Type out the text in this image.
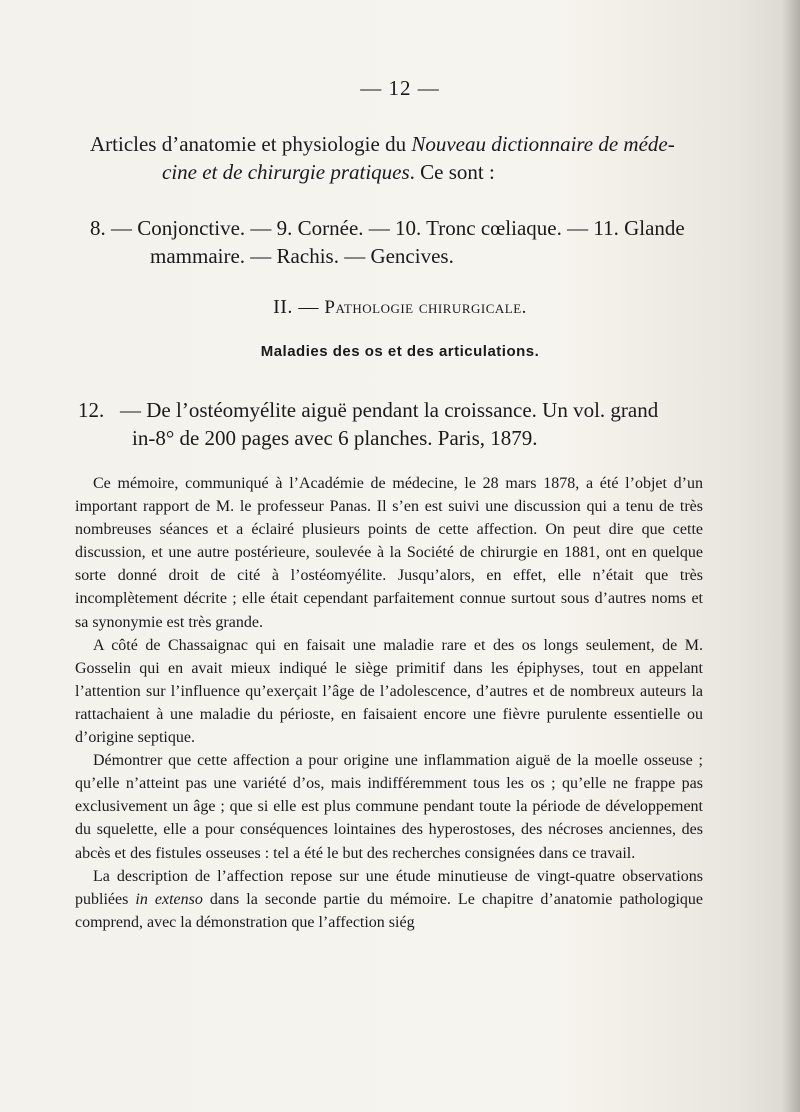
— 12 —
Articles d’anatomie et physiologie du Nouveau dictionnaire de méde-
cine et de chirurgie pratiques. Ce sont :
8. — Conjonctive. — 9. Cornée. — 10. Tronc cœliaque. — 11. Glande
mammaire. — Rachis. — Gencives.
II. — Pathologie chirurgicale.
Maladies des os et des articulations.
12. — De l’ostéomyélite aiguë pendant la croissance. Un vol. grand
in-8° de 200 pages avec 6 planches. Paris, 1879.

Ce mémoire, communiqué à l’Académie de médecine, le 28 mars 1878, a été l’objet d’un important rapport de M. le professeur Panas. Il s’en est suivi une discussion qui a tenu de très nombreuses séances et a éclairé plusieurs points de cette affection. On peut dire que cette discussion, et une autre postérieure, soulevée à la Société de chirurgie en 1881, ont en quelque sorte donné droit de cité à l’ostéomyélite. Jusqu’alors, en effet, elle n’était que très incomplètement décrite ; elle était cependant parfaitement connue surtout sous d’autres noms et sa synonymie est très grande.

A côté de Chassaignac qui en faisait une maladie rare et des os longs seulement, de M. Gosselin qui en avait mieux indiqué le siège primitif dans les épiphyses, tout en appelant l’attention sur l’influence qu’exerçait l’âge de l’adolescence, d’autres et de nombreux auteurs la rattachaient à une maladie du périoste, en faisaient encore une fièvre purulente essentielle ou d’origine septique.

Démontrer que cette affection a pour origine une inflammation aiguë de la moelle osseuse ; qu’elle n’atteint pas une variété d’os, mais indifféremment tous les os ; qu’elle ne frappe pas exclusivement un âge ; que si elle est plus commune pendant toute la période de développement du squelette, elle a pour conséquences lointaines des hyperostoses, des nécroses anciennes, des abcès et des fistules osseuses : tel a été le but des recherches consignées dans ce travail.

La description de l’affection repose sur une étude minutieuse de vingt-quatre observations publiées in extenso dans la seconde partie du mémoire. Le chapitre d’anatomie pathologique comprend, avec la démonstration que l’affection siég
